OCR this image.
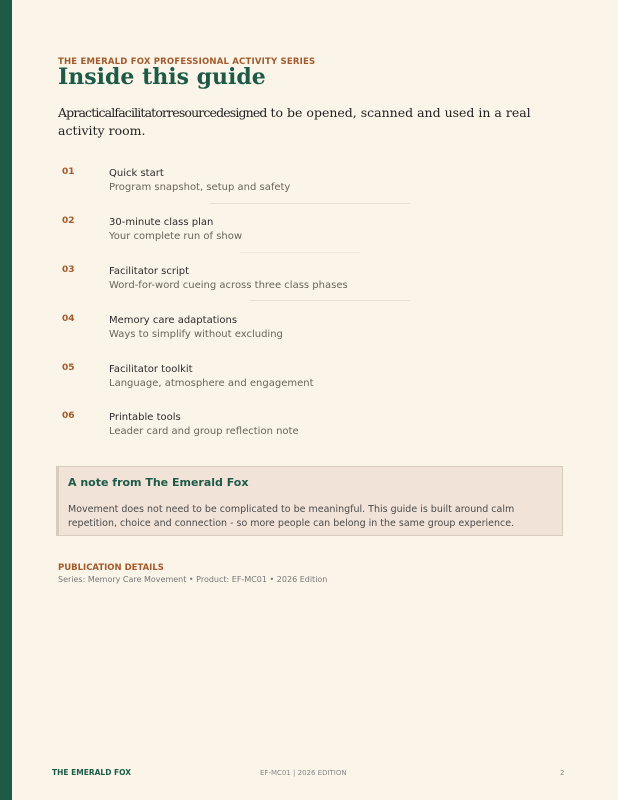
THE EMERALD FOX PROFESSIONAL ACTIVITY SERIES
Inside this guide

Apracticalfacilitatorresourcedesigned to be opened, scanned and used in a real activity room.

01	Quick start
Program snapshot, setup and safety
02	30-minute class plan
Your complete run of show
03	Facilitator script
Word-for-word cueing across three class phases
04	Memory care adaptations
Ways to simplify without excluding
05	Facilitator toolkit
Language, atmosphere and engagement
06	Printable tools
Leader card and group reflection note
A note from The Emerald Fox
Movement does not need to be complicated to be meaningful. This guide is built around calm repetition, choice and connection - so more people can belong in the same group experience.
PUBLICATION DETAILS
Series: Memory Care Movement • Product: EF-MC01 • 2026 Edition
THE EMERALD FOX	EF-MC01 | 2026 EDITION	2
